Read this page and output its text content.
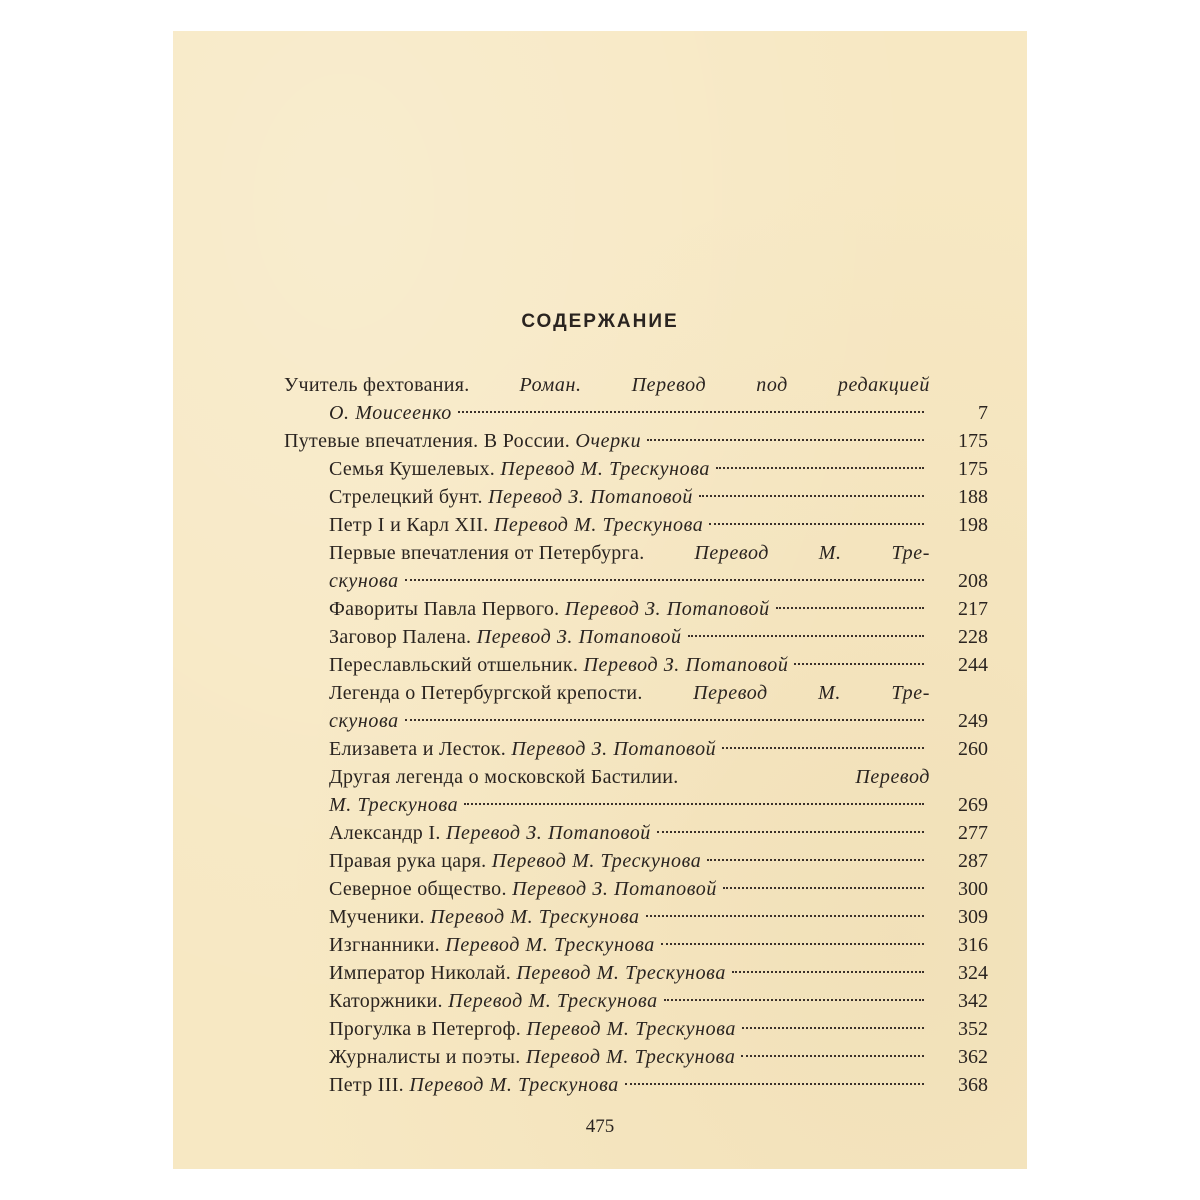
СОДЕРЖАНИЕ
Учитель фехтования. Роман. Перевод под редакцией
О. Моисеенко	7
Путевые впечатления. В России. Очерки	175
Семья Кушелевых. Перевод М. Трескунова	175
Стрелецкий бунт. Перевод З. Потаповой	188
Петр I и Карл XII. Перевод М. Трескунова	198
Первые впечатления от Петербурга. Перевод М. Тре-
скунова	208
Фавориты Павла Первого. Перевод З. Потаповой	217
Заговор Палена. Перевод З. Потаповой	228
Переславльский отшельник. Перевод З. Потаповой	244
Легенда о Петербургской крепости.	Перевод	М.	Тре-
скунова	249
Елизавета и Лесток. Перевод З. Потаповой	260
Другая легенда о московской Бастилии.	Перевод
М. Трескунова	269
Александр I. Перевод З. Потаповой	277
Правая рука царя. Перевод М. Трескунова	287
Северное общество. Перевод З. Потаповой	300
Мученики. Перевод М. Трескунова	309
Изгнанники. Перевод М. Трескунова	316
Император Николай. Перевод М. Трескунова	324
Каторжники. Перевод М. Трескунова	342
Прогулка в Петергоф. Перевод М. Трескунова	352
Журналисты и поэты. Перевод М. Трескунова	362
Петр III. Перевод М. Трескунова	368
475
